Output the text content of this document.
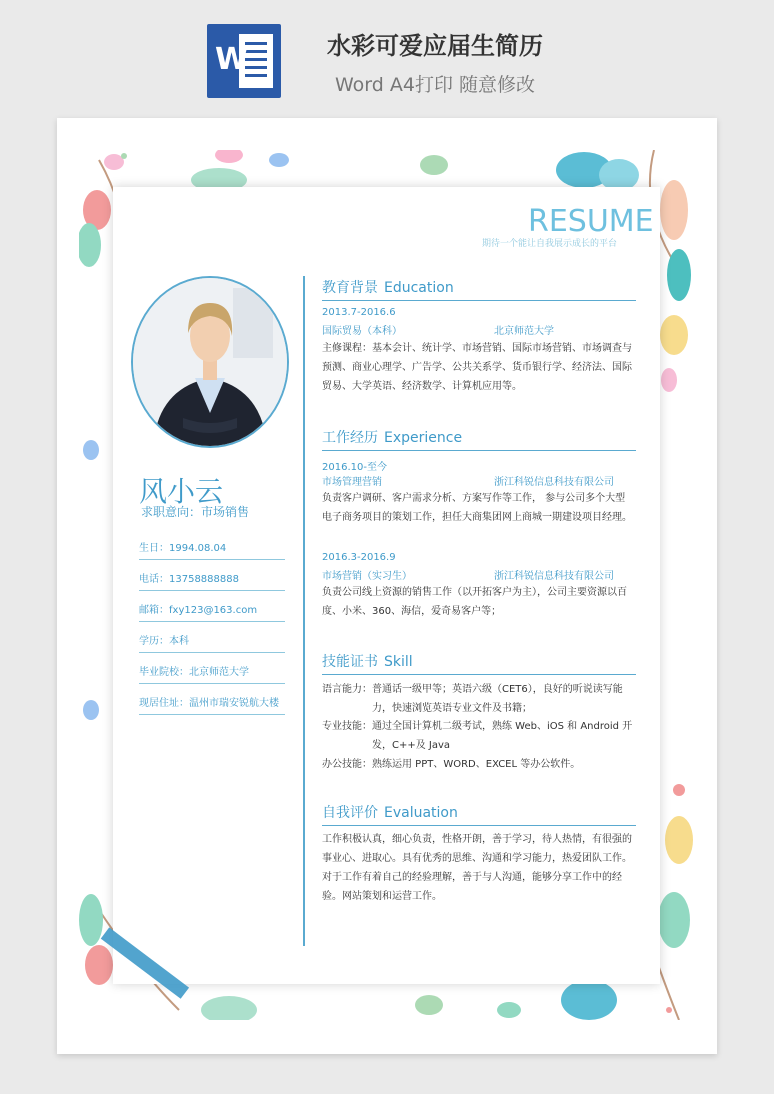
W	水彩可爱应届生简历
Word A4打印 随意修改
RESUME
期待一个能让自我展示成长的平台
风小云
求职意向：市场销售
生日：1994.08.04
电话：13758888888
邮箱：fxy123@163.com
学历：本科
毕业院校：北京师范大学
现居住址：温州市瑞安锐航大楼
教育背景 Education
2013.7-2016.6
国际贸易（本科）	北京师范大学
主修课程：基本会计、统计学、市场营销、国际市场营销、市场调查与预测、商业心理学、广告学、公共关系学、货币银行学、经济法、国际贸易、大学英语、经济数学、计算机应用等。
工作经历 Experience
2016.10-至今
市场管理营销	浙江科锐信息科技有限公司
负责客户调研、客户需求分析、方案写作等工作， 参与公司多个大型电子商务项目的策划工作，担任大商集团网上商城一期建设项目经理。
2016.3-2016.9
市场营销（实习生）	浙江科锐信息科技有限公司
负责公司线上资源的销售工作（以开拓客户为主），公司主要资源以百度、小米、360、海信，爱奇易客户等；
技能证书 Skill
语言能力： 普通话一级甲等；英语六级（CET6），良好的听说读写能力，快速浏览英语专业文件及书籍；
专业技能： 通过全国计算机二级考试，熟练 Web、iOS 和 Android 开发，C++及 Java
办公技能： 熟练运用 PPT、WORD、EXCEL 等办公软件。
自我评价 Evaluation
工作积极认真，细心负责，性格开朗，善于学习，待人热情，有很强的事业心、进取心。具有优秀的思维、沟通和学习能力，热爱团队工作。对于工作有着自己的经验理解，善于与人沟通，能够分享工作中的经验。网站策划和运营工作。
